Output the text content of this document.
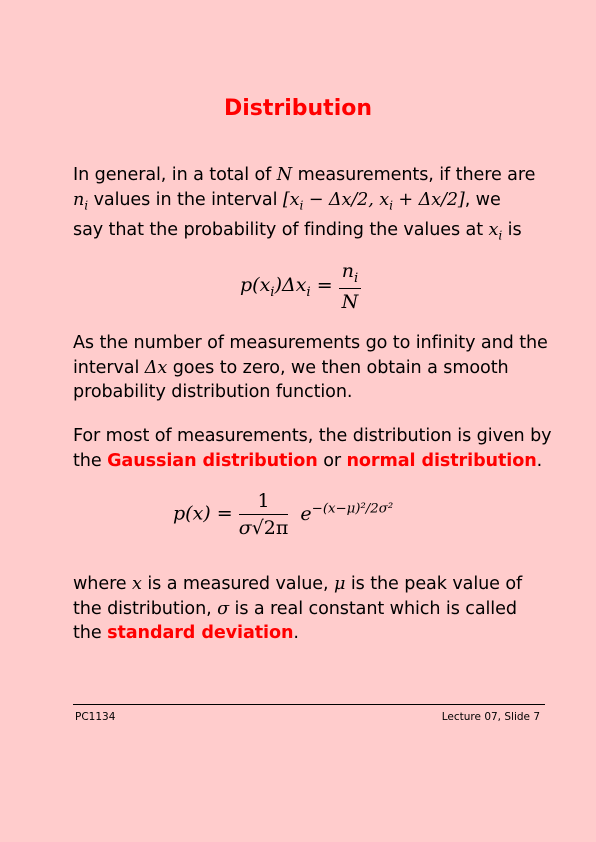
Distribution
In general, in a total of N measurements, if there are
$n_i$ values in the interval [$x_i - \Delta x/2$, $x_i + \Delta x/2$], we
say that the probability of finding the values at $x_i$ is
$p(x_i)\Delta x_i = \frac{n_i}{N}$
As the number of measurements go to infinity and the
interval Δx goes to zero, we then obtain a smooth
probability distribution function.
For most of measurements, the distribution is given by
the Gaussian distribution or normal distribution.
$p(x) = \frac{1}{\sigma√2\pi} e^{-(x-\mu)^2/2\sigma^2}$
where x is a measured value, μ is the peak value of
the distribution, σ is a real constant which is called
the standard deviation.
PC1134	Lecture 07, Slide 7
